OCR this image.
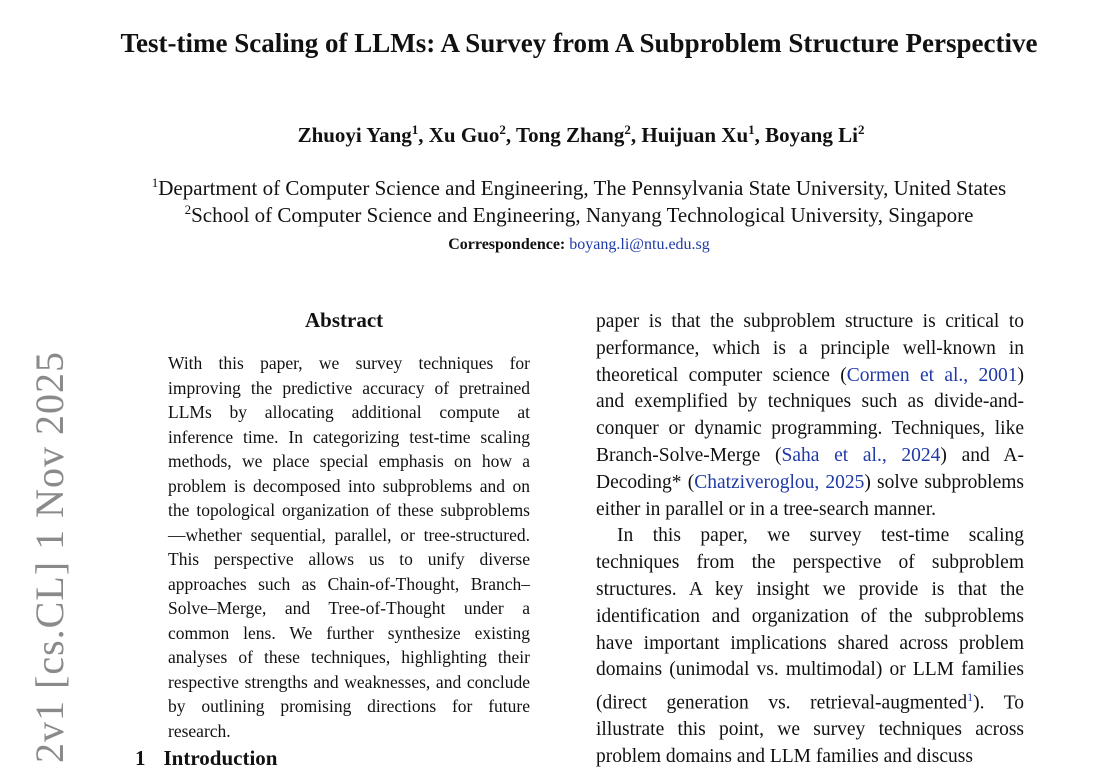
Test-time Scaling of LLMs: A Survey from A Subproblem Structure Perspective
Zhuoyi Yang$^1$, Xu Guo$^2$, Tong Zhang$^2$, Huijuan Xu$^1$, Boyang Li$^2$
$^1$Department of Computer Science and Engineering, The Pennsylvania State University, United States
$^2$School of Computer Science and Engineering, Nanyang Technological University, Singapore
Correspondence: boyang.li@ntu.edu.sg
2v1 [cs.CL] 1 Nov 2025
Abstract
With this paper, we survey techniques for improving the predictive accuracy of pretrained LLMs by allocating additional compute at inference time. In categorizing test-time scaling methods, we place special emphasis on how a problem is decomposed into subproblems and on the topological organization of these subproblems—whether sequential, parallel, or tree-structured. This perspective allows us to unify diverse approaches such as Chain-of-Thought, Branch–Solve–Merge, and Tree-of-Thought under a common lens. We further synthesize existing analyses of these techniques, highlighting their respective strengths and weaknesses, and conclude by outlining promising directions for future research.
1 Introduction

paper is that the subproblem structure is critical to performance, which is a principle well-known in theoretical computer science (Cormen et al., 2001) and exemplified by techniques such as divide-and-conquer or dynamic programming. Techniques, like Branch-Solve-Merge (Saha et al., 2024) and A-Decoding* (Chatziveroglou, 2025) solve subproblems either in parallel or in a tree-search manner.

In this paper, we survey test-time scaling techniques from the perspective of subproblem structures. A key insight we provide is that the identification and organization of the subproblems have important implications shared across problem domains (unimodal vs. multimodal) or LLM families (direct generation vs. retrieval-augmented$^1$). To illustrate this point, we survey techniques across problem domains and LLM families and discuss
